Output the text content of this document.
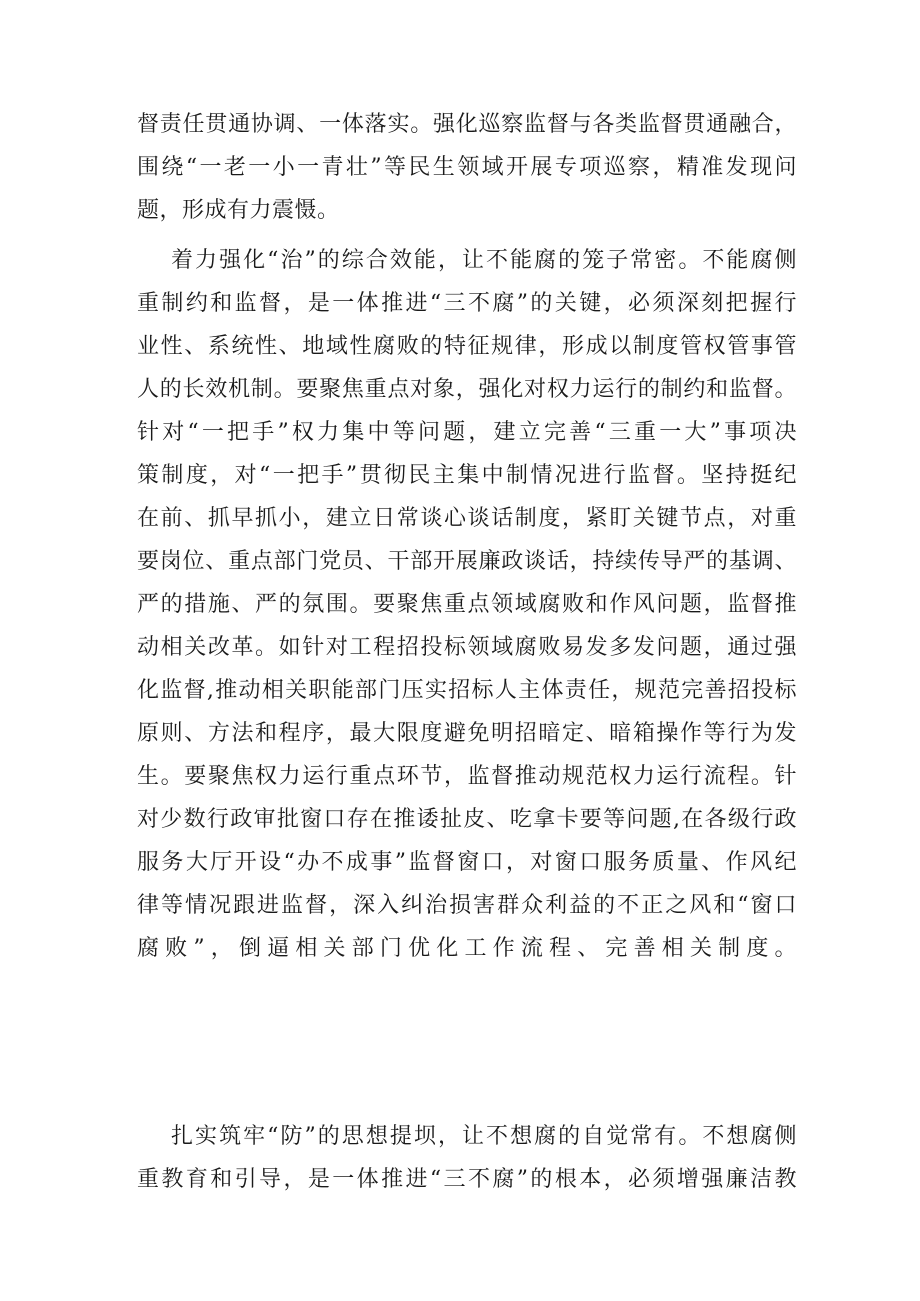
督责任贯通协调、一体落实。强化巡察监督与各类监督贯通融合，
围绕“一老一小一青壮”等民生领域开展专项巡察，精准发现问
题，形成有力震慑。
着力强化“治”的综合效能，让不能腐的笼子常密。不能腐侧
重制约和监督，是一体推进“三不腐”的关键，必须深刻把握行
业性、系统性、地域性腐败的特征规律，形成以制度管权管事管
人的长效机制。要聚焦重点对象，强化对权力运行的制约和监督。
针对“一把手”权力集中等问题，建立完善“三重一大”事项决
策制度，对“一把手”贯彻民主集中制情况进行监督。坚持挺纪
在前、抓早抓小，建立日常谈心谈话制度，紧盯关键节点，对重
要岗位、重点部门党员、干部开展廉政谈话，持续传导严的基调、
严的措施、严的氛围。要聚焦重点领域腐败和作风问题，监督推
动相关改革。如针对工程招投标领域腐败易发多发问题，通过强
化监督,推动相关职能部门压实招标人主体责任，规范完善招投标
原则、方法和程序，最大限度避免明招暗定、暗箱操作等行为发
生。要聚焦权力运行重点环节，监督推动规范权力运行流程。针
对少数行政审批窗口存在推诿扯皮、吃拿卡要等问题,在各级行政
服务大厅开设“办不成事”监督窗口，对窗口服务质量、作风纪
律等情况跟进监督，深入纠治损害群众利益的不正之风和“窗口
腐败”，倒逼相关部门优化工作流程、完善相关制度。
扎实筑牢“防”的思想提坝，让不想腐的自觉常有。不想腐侧
重教育和引导，是一体推进“三不腐”的根本，必须增强廉洁教
